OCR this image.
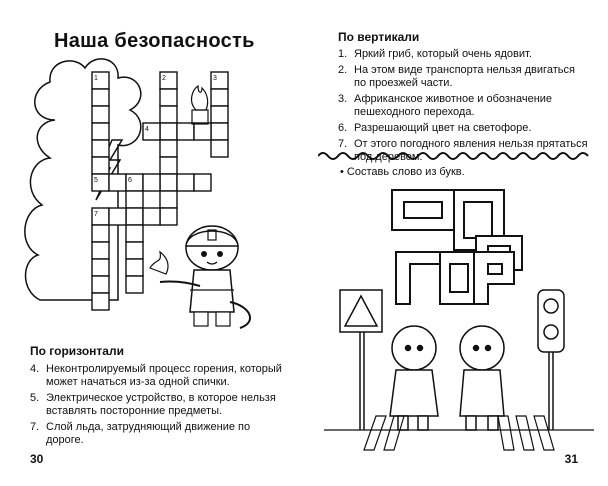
Наша безопасность
1	2	3
4
5	6
7
По горизонтали
4. Неконтролируемый процесс горения, который может начаться из-за одной спички.
5. Электрическое устройство, в которое нельзя вставлять посторонние предметы.
7. Слой льда, затрудняющий движение по дороге.
30
По вертикали
1. Яркий гриб, который очень ядовит.
2. На этом виде транспорта нельзя двигаться по проезжей части.
3. Африканское животное и обозначение пешеходного перехода.
6. Разрешающий цвет на светофоре.
7. От этого погодного явления нельзя прятаться под деревом.
• Составь слово из букв.
31
